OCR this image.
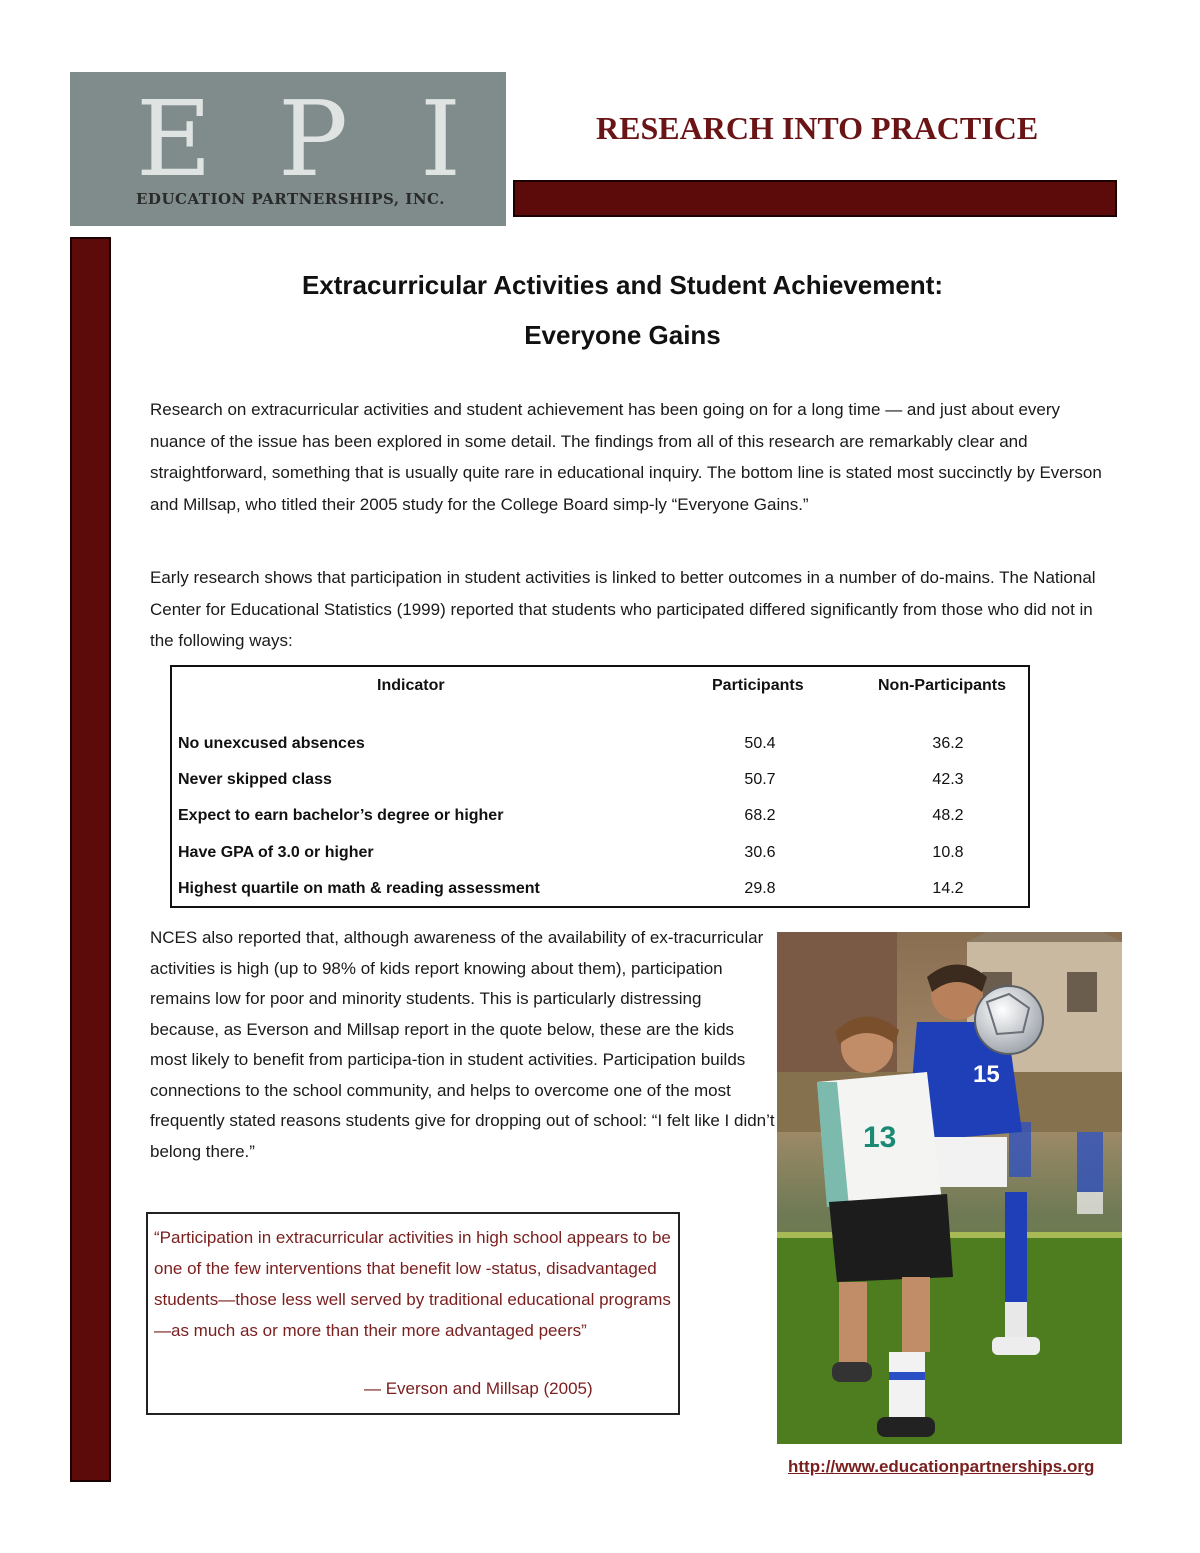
E P I
EDUCATION PARTNERSHIPS, INC.
RESEARCH INTO PRACTICE
Extracurricular Activities and Student Achievement:
Everyone Gains
Research on extracurricular activities and student achievement has been going on for a long time — and just about every nuance of the issue has been explored in some detail. The findings from all of this research are remarkably clear and straightforward, something that is usually quite rare in educational inquiry. The bottom line is stated most succinctly by Everson and Millsap, who titled their 2005 study for the College Board simp-ly “Everyone Gains.”
Early research shows that participation in student activities is linked to better outcomes in a number of do-mains. The National Center for Educational Statistics (1999) reported that students who participated differed significantly from those who did not in the following ways:
Indicator	Participants	Non-Participants
No unexcused absences	50.4	36.2
Never skipped class	50.7	42.3
Expect to earn bachelor’s degree or higher	68.2	48.2
Have GPA of 3.0 or higher	30.6	10.8
Highest quartile on math & reading assessment	29.8	14.2
NCES also reported that, although awareness of the availability of ex-tracurricular activities is high (up to 98% of kids report knowing about them), participation remains low for poor and minority students. This is particularly distressing because, as Everson and Millsap report in the quote below, these are the kids most likely to benefit from participa-tion in student activities. Participation builds connections to the school community, and helps to overcome one of the most frequently stated reasons students give for dropping out of school: “I felt like I didn’t belong there.”
“Participation in extracurricular activities in high school appears to be one of the few interventions that benefit low -status, disadvantaged students—those less well served by traditional educational programs—as much as or more than their more advantaged peers”
— Everson and Millsap (2005)
15
13
http://www.educationpartnerships.org
